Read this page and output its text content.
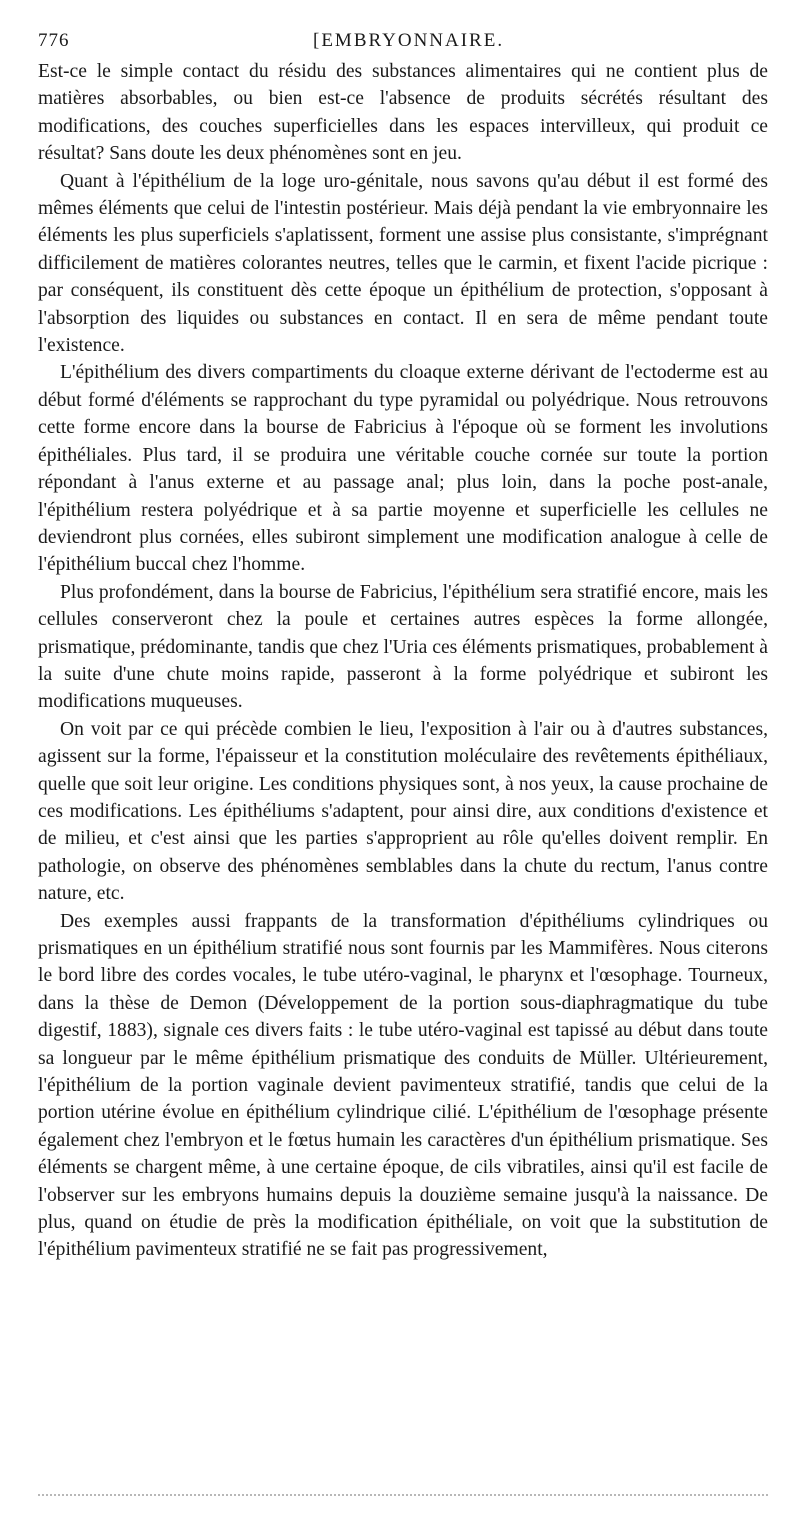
776	[EMBRYONNAIRE.

Est-ce le simple contact du résidu des substances alimentaires qui ne contient plus de matières absorbables, ou bien est-ce l'absence de produits sécrétés résultant des modifications, des couches superficielles dans les espaces intervilleux, qui produit ce résultat? Sans doute les deux phénomènes sont en jeu.

Quant à l'épithélium de la loge uro-génitale, nous savons qu'au début il est formé des mêmes éléments que celui de l'intestin postérieur. Mais déjà pendant la vie embryonnaire les éléments les plus superficiels s'aplatissent, forment une assise plus consistante, s'imprégnant difficilement de matières colorantes neutres, telles que le carmin, et fixent l'acide picrique : par conséquent, ils constituent dès cette époque un épithélium de protection, s'opposant à l'absorption des liquides ou substances en contact. Il en sera de même pendant toute l'existence.

L'épithélium des divers compartiments du cloaque externe dérivant de l'ectoderme est au début formé d'éléments se rapprochant du type pyramidal ou polyédrique. Nous retrouvons cette forme encore dans la bourse de Fabricius à l'époque où se forment les involutions épithéliales. Plus tard, il se produira une véritable couche cornée sur toute la portion répondant à l'anus externe et au passage anal; plus loin, dans la poche post-anale, l'épithélium restera polyédrique et à sa partie moyenne et superficielle les cellules ne deviendront plus cornées, elles subiront simplement une modification analogue à celle de l'épithélium buccal chez l'homme.

Plus profondément, dans la bourse de Fabricius, l'épithélium sera stratifié encore, mais les cellules conserveront chez la poule et certaines autres espèces la forme allongée, prismatique, prédominante, tandis que chez l'Uria ces éléments prismatiques, probablement à la suite d'une chute moins rapide, passeront à la forme polyédrique et subiront les modifications muqueuses.

On voit par ce qui précède combien le lieu, l'exposition à l'air ou à d'autres substances, agissent sur la forme, l'épaisseur et la constitution moléculaire des revêtements épithéliaux, quelle que soit leur origine. Les conditions physiques sont, à nos yeux, la cause prochaine de ces modifications. Les épithéliums s'adaptent, pour ainsi dire, aux conditions d'existence et de milieu, et c'est ainsi que les parties s'approprient au rôle qu'elles doivent remplir. En pathologie, on observe des phénomènes semblables dans la chute du rectum, l'anus contre nature, etc.

Des exemples aussi frappants de la transformation d'épithéliums cylindriques ou prismatiques en un épithélium stratifié nous sont fournis par les Mammifères. Nous citerons le bord libre des cordes vocales, le tube utéro-vaginal, le pharynx et l'œsophage. Tourneux, dans la thèse de Demon (Développement de la portion sous-diaphragmatique du tube digestif, 1883), signale ces divers faits : le tube utéro-vaginal est tapissé au début dans toute sa longueur par le même épithélium prismatique des conduits de Müller. Ultérieurement, l'épithélium de la portion vaginale devient pavimenteux stratifié, tandis que celui de la portion utérine évolue en épithélium cylindrique cilié. L'épithélium de l'œsophage présente également chez l'embryon et le fœtus humain les caractères d'un épithélium prismatique. Ses éléments se chargent même, à une certaine époque, de cils vibratiles, ainsi qu'il est facile de l'observer sur les embryons humains depuis la douzième semaine jusqu'à la naissance. De plus, quand on étudie de près la modification épithéliale, on voit que la substitution de l'épithélium pavimenteux stratifié ne se fait pas progressivement,
